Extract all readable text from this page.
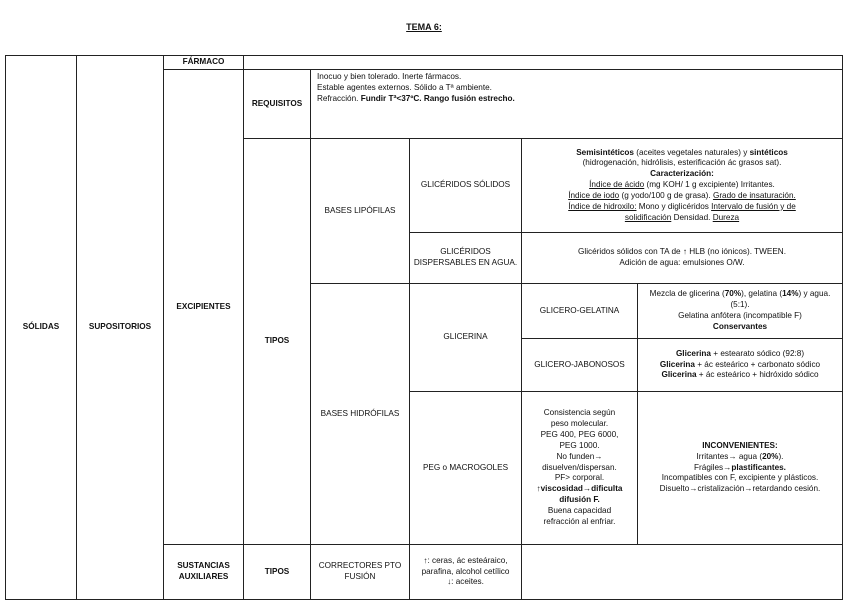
TEMA 6:
SÓLIDAS	SUPOSITORIOS
FÁRMACO
EXCIPIENTES
REQUISITOS
Inocuo y bien tolerado. Inerte fármacos.
Estable agentes externos. Sólido a Tª ambiente.
Refracción. Fundir Tª<37ºC. Rango fusión estrecho.
TIPOS
BASES LIPÓFILAS
GLICÉRIDOS SÓLIDOS
Semisintéticos (aceites vegetales naturales) y sintéticos
(hidrogenación, hidrólisis, esterificación ác grasos sat).
Caracterización:
Índice de ácido (mg KOH/ 1 g excipiente) Irritantes.
Índice de iodo (g yodo/100 g de grasa). Grado de insaturación.
Índice de hidroxilo: Mono y diglicéridos Intervalo de fusión y de
solidificación Densidad. Dureza
GLICÉRIDOS DISPERSABLES EN AGUA.
Glicéridos sólidos con TA de ↑ HLB (no iónicos). TWEEN.
Adición de agua: emulsiones O/W.
BASES HIDRÓFILAS
GLICERINA
GLICERO-GELATINA
Mezcla de glicerina (70%), gelatina (14%) y agua. (5:1).
Gelatina anfótera (incompatible F)
Conservantes
GLICERO-JABONOSOS
Glicerina + estearato sódico (92:8)
Glicerina + ác esteárico + carbonato sódico
Glicerina + ác esteárico + hidróxido sódico
PEG o MACROGOLES
Consistencia según
peso molecular.
PEG 400, PEG 6000,
PEG 1000.
No funden→
disuelven/dispersan.
PF> corporal.
↑viscosidad→dificulta
difusión F.
Buena capacidad
refracción al enfriar.
INCONVENIENTES:
Irritantes→ agua (20%).
Frágiles→plastificantes.
Incompatibles con F, excipiente y plásticos.
Disuelto→cristalización→retardando cesión.
SUSTANCIAS AUXILIARES
TIPOS
CORRECTORES PTO FUSIÓN
↑: ceras, ác esteáraico, parafina, alcohol cetílico
↓: aceites.
